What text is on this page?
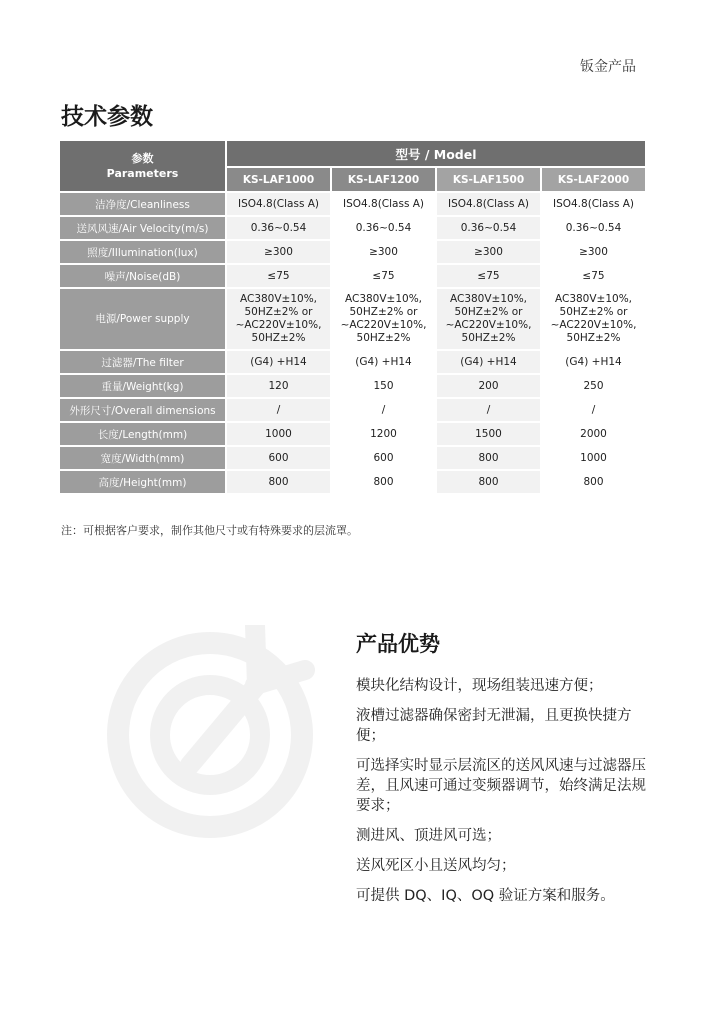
钣金产品
技术参数
参数
Parameters	型号 / Model			
	KS-LAF1000	KS-LAF1200	KS-LAF1500	KS-LAF2000
洁净度/Cleanliness	ISO4.8(Class A)	ISO4.8(Class A)	ISO4.8(Class A)	ISO4.8(Class A)
送风风速/Air Velocity(m/s)	0.36~0.54	0.36~0.54	0.36~0.54	0.36~0.54
照度/Illumination(lux)	≥300	≥300	≥300	≥300
噪声/Noise(dB)	≤75	≤75	≤75	≤75
电源/Power supply	AC380V±10%,
50HZ±2% or
~AC220V±10%,
50HZ±2%	AC380V±10%,
50HZ±2% or
~AC220V±10%,
50HZ±2%	AC380V±10%,
50HZ±2% or
~AC220V±10%,
50HZ±2%	AC380V±10%,
50HZ±2% or
~AC220V±10%,
50HZ±2%
过滤器/The filter	(G4) +H14	(G4) +H14	(G4) +H14	(G4) +H14
重量/Weight(kg)	120	150	200	250
外形尺寸/Overall dimensions	/	/	/	/
长度/Length(mm)	1000	1200	1500	2000
宽度/Width(mm)	600	600	800	1000
高度/Height(mm)	800	800	800	800
注：可根据客户要求，制作其他尺寸或有特殊要求的层流罩。
产品优势
模块化结构设计，现场组装迅速方便；
液槽过滤器确保密封无泄漏，且更换快捷方便；
可选择实时显示层流区的送风风速与过滤器压差，且风速可通过变频器调节，始终满足法规要求；
测进风、顶进风可选；
送风死区小且送风均匀；
可提供 DQ、IQ、OQ 验证方案和服务。
